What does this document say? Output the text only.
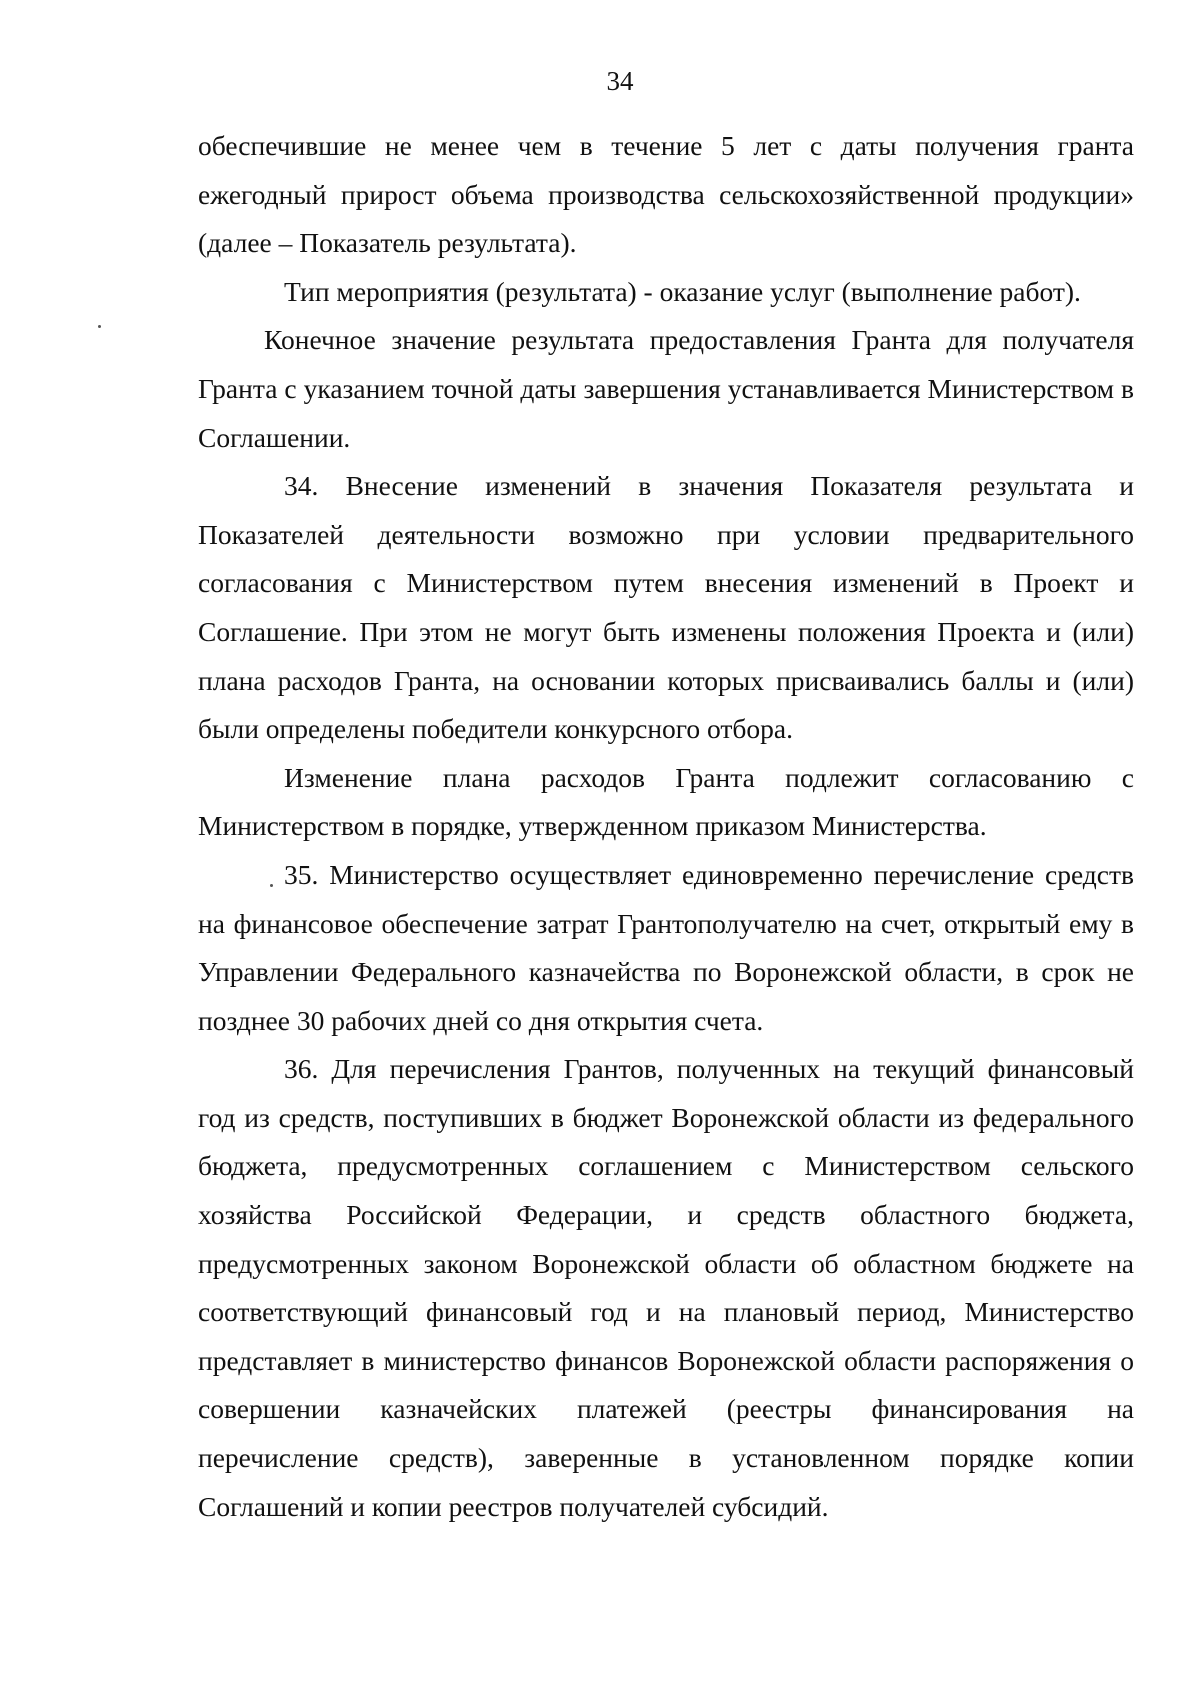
34

обеспечившие не менее чем в течение 5 лет с даты получения гранта ежегодный прирост объема производства сельскохозяйственной продукции» (далее – Показатель результата).

Тип мероприятия (результата) - оказание услуг (выполнение работ).

Конечное значение результата предоставления Гранта для получателя Гранта с указанием точной даты завершения устанавливается Министерством в Соглашении.

34. Внесение изменений в значения Показателя результата и Показателей деятельности возможно при условии предварительного согласования с Министерством путем внесения изменений в Проект и Соглашение. При этом не могут быть изменены положения Проекта и (или) плана расходов Гранта, на основании которых присваивались баллы и (или) были определены победители конкурсного отбора.

Изменение плана расходов Гранта подлежит согласованию с Министерством в порядке, утвержденном приказом Министерства.

35. Министерство осуществляет единовременно перечисление средств на финансовое обеспечение затрат Грантополучателю на счет, открытый ему в Управлении Федерального казначейства по Воронежской области, в срок не позднее 30 рабочих дней со дня открытия счета.

36. Для перечисления Грантов, полученных на текущий финансовый год из средств, поступивших в бюджет Воронежской области из федерального бюджета, предусмотренных соглашением с Министерством сельского хозяйства Российской Федерации, и средств областного бюджета, предусмотренных законом Воронежской области об областном бюджете на соответствующий финансовый год и на плановый период, Министерство представляет в министерство финансов Воронежской области распоряжения о совершении казначейских платежей (реестры финансирования на перечисление средств), заверенные в установленном порядке копии Соглашений и копии реестров получателей субсидий.
